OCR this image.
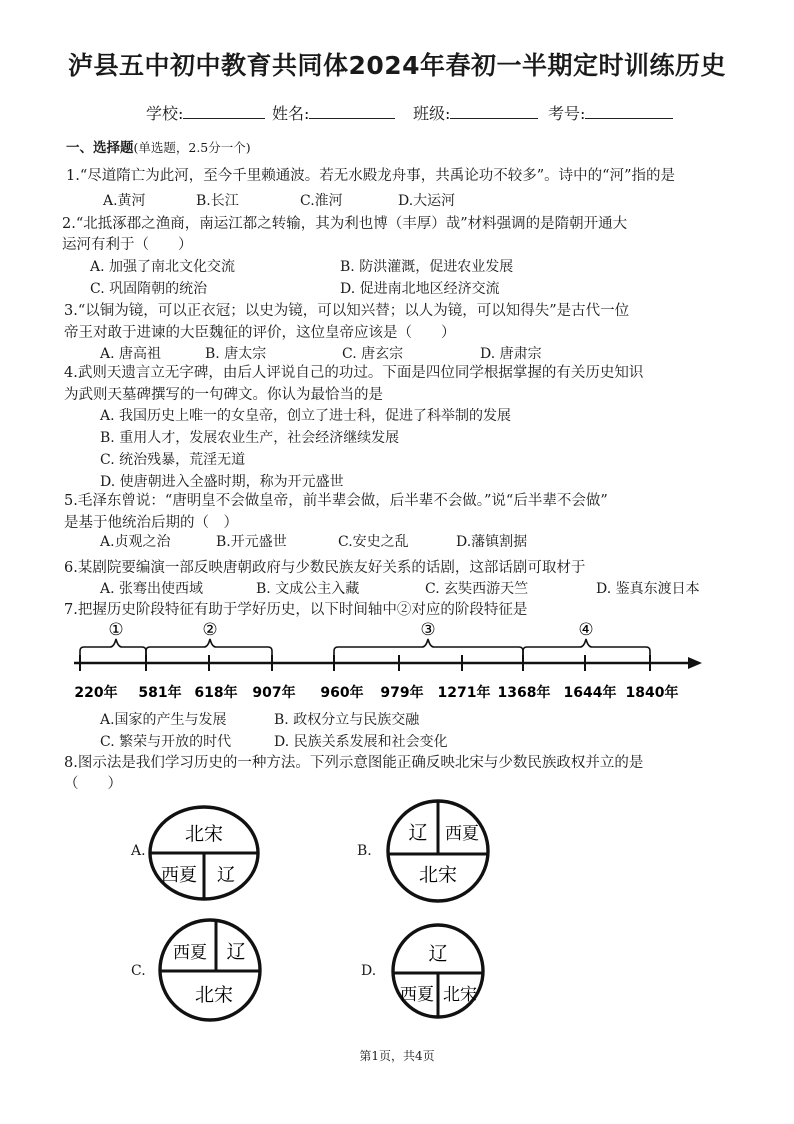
泸县五中初中教育共同体2024年春初一半期定时训练历史
学校:	姓名:	班级:	考号:
一、选择题(单选题，2.5分一个)
1.“尽道隋亡为此河，至今千里赖通波。若无水殿龙舟事，共禹论功不较多”。诗中的“河”指的是
A.黄河	B.长江	C.淮河	D.大运河
2.“北抵涿郡之渔商，南运江都之转输，其为利也博（丰厚）哉”材料强调的是隋朝开通大
运河有利于（　　）
A. 加强了南北文化交流	B. 防洪灌溉，促进农业发展
C. 巩固隋朝的统治	D. 促进南北地区经济交流
3.“以铜为镜，可以正衣冠；以史为镜，可以知兴替；以人为镜，可以知得失”是古代一位
帝王对敢于进谏的大臣魏征的评价，这位皇帝应该是（　　）
A. 唐高祖	B. 唐太宗	C. 唐玄宗	D. 唐肃宗
4.武则天遗言立无字碑，由后人评说自己的功过。下面是四位同学根据掌握的有关历史知识
为武则天墓碑撰写的一句碑文。你认为最恰当的是
A. 我国历史上唯一的女皇帝，创立了进士科，促进了科举制的发展
B. 重用人才，发展农业生产，社会经济继续发展
C. 统治残暴，荒淫无道
D. 使唐朝进入全盛时期，称为开元盛世
5.毛泽东曾说：“唐明皇不会做皇帝，前半辈会做，后半辈不会做。”说“后半辈不会做”
是基于他统治后期的（　）
A.贞观之治	B.开元盛世	C.安史之乱	D.藩镇割据
6.某剧院要编演一部反映唐朝政府与少数民族友好关系的话剧，这部话剧可取材于
A. 张骞出使西域	B. 文成公主入藏	C. 玄奘西游天竺	D. 鉴真东渡日本
7.把握历史阶段特征有助于学好历史，以下时间轴中②对应的阶段特征是
①	②	③	④
220年 581年 618年 907年 960年 979年 1271年 1368年 1644年 1840年
A.国家的产生与发展	B. 政权分立与民族交融
C. 繁荣与开放的时代	D. 民族关系发展和社会变化
8.图示法是我们学习历史的一种方法。下列示意图能正确反映北宋与少数民族政权并立的是
（　　）
A.
北宋
西夏 辽
B.
辽 西夏
北宋
C.
西夏 辽
北宋
D.
辽
西夏 北宋
第1页，共4页
